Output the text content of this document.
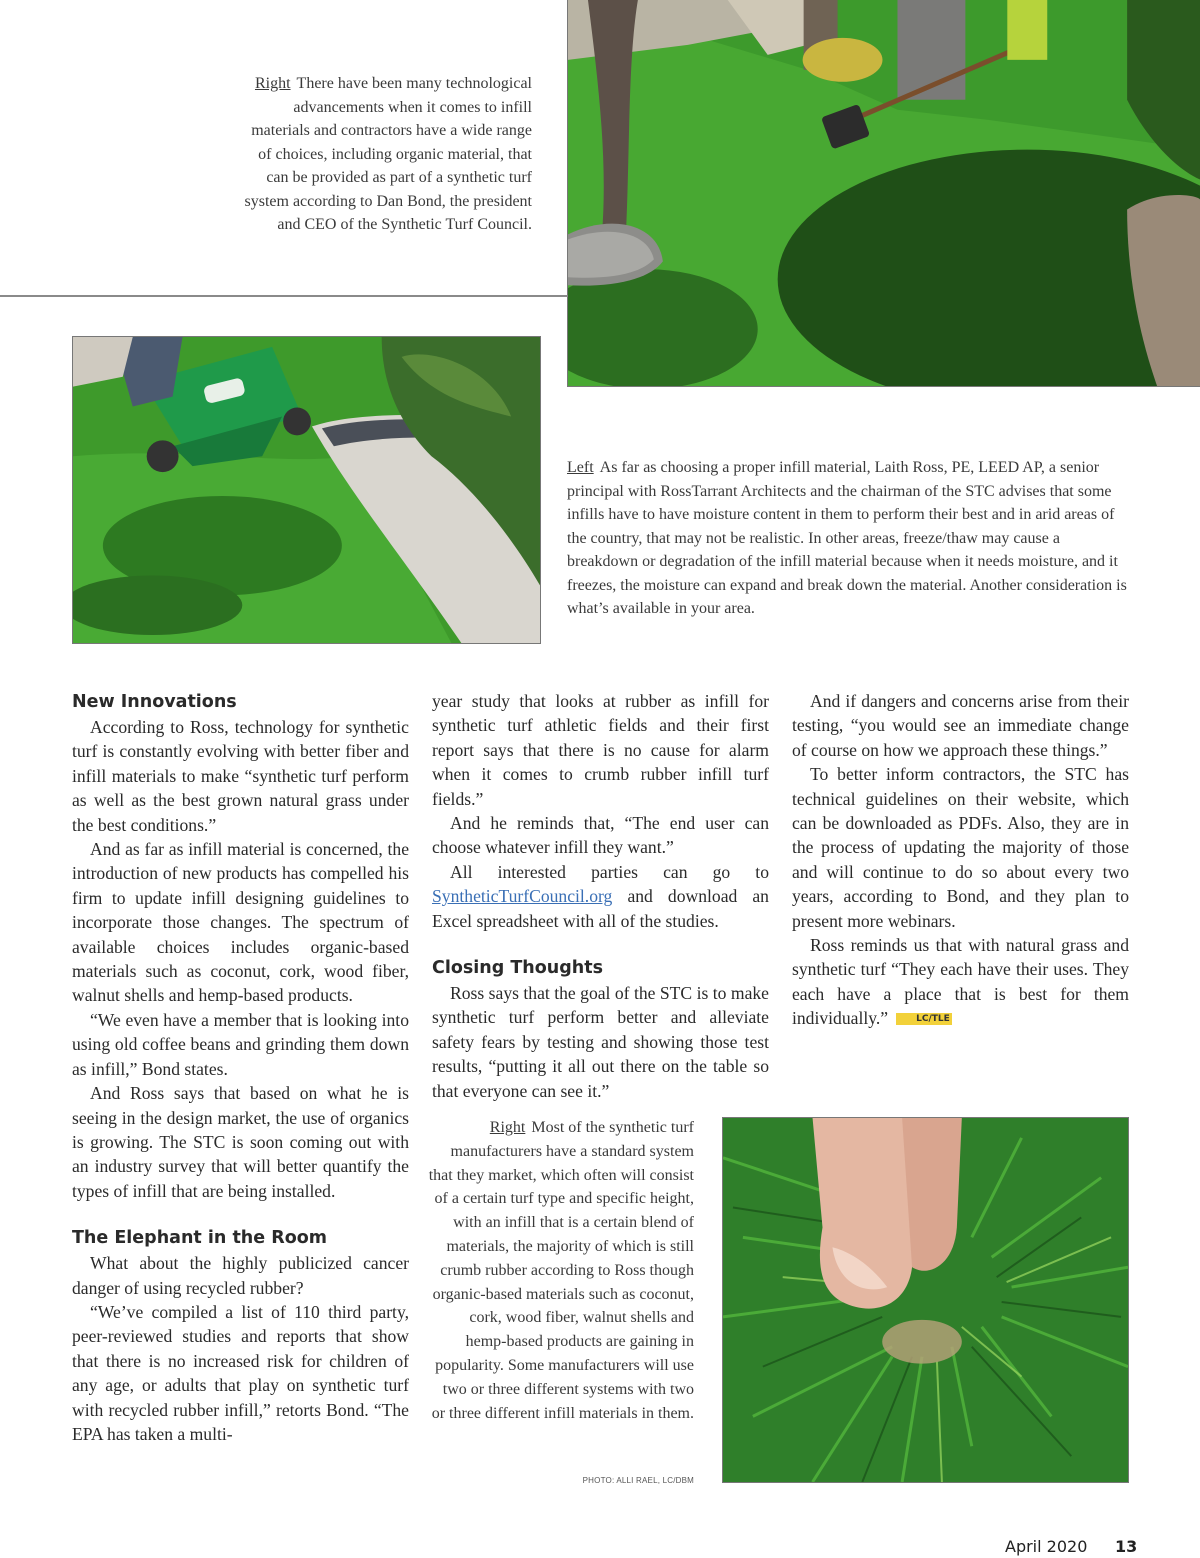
Right There have been many technological advancements when it comes to infill materials and contractors have a wide range of choices, including organic material, that can be provided as part of a synthetic turf system according to Dan Bond, the president and CEO of the Synthetic Turf Council.
Left As far as choosing a proper infill material, Laith Ross, PE, LEED AP, a senior principal with RossTarrant Architects and the chairman of the STC advises that some infills have to have moisture content in them to perform their best and in arid areas of the country, that may not be realistic. In other areas, freeze/thaw may cause a breakdown or degradation of the infill material because when it needs moisture, and it freezes, the moisture can expand and break down the material. Another consideration is what’s available in your area.
New Innovations

According to Ross, technology for synthetic turf is constantly evolving with better fiber and infill materials to make “synthetic turf perform as well as the best grown natural grass under the best conditions.”

And as far as infill material is concerned, the introduction of new products has compelled his firm to update infill designing guidelines to incorporate those changes. The spectrum of available choices includes organic-based materials such as coconut, cork, wood fiber, walnut shells and hemp-based products.

“We even have a member that is looking into using old coffee beans and grinding them down as infill,” Bond states.

And Ross says that based on what he is seeing in the design market, the use of organics is growing. The STC is soon coming out with an industry survey that will better quantify the types of infill that are being installed.

The Elephant in the Room

What about the highly publicized cancer danger of using recycled rubber?

“We’ve compiled a list of 110 third party, peer-reviewed studies and reports that show that there is no increased risk for children of any age, or adults that play on synthetic turf with recycled rubber infill,” retorts Bond. “The EPA has taken a multi-

year study that looks at rubber as infill for synthetic turf athletic fields and their first report says that there is no cause for alarm when it comes to crumb rubber infill turf fields.”

And he reminds that, “The end user can choose whatever infill they want.”

All interested parties can go to SyntheticTurfCouncil.org and download an Excel spreadsheet with all of the studies.

Closing Thoughts

Ross says that the goal of the STC is to make synthetic turf perform better and alleviate safety fears by testing and showing those test results, “putting it all out there on the table so that everyone can see it.”

And if dangers and concerns arise from their testing, “you would see an immediate change of course on how we approach these things.”

To better inform contractors, the STC has technical guidelines on their website, which can be downloaded as PDFs. Also, they are in the process of updating the majority of those and will continue to do so about every two years, according to Bond, and they plan to present more webinars.

Ross reminds us that with natural grass and synthetic turf “They each have their uses. They each have a place that is best for them individually.”	LC/TLE

Right Most of the synthetic turf manufacturers have a standard system that they market, which often will consist of a certain turf type and specific height, with an infill that is a certain blend of materials, the majority of which is still crumb rubber according to Ross though organic-based materials such as coconut, cork, wood fiber, walnut shells and hemp-based products are gaining in popularity. Some manufacturers will use two or three different systems with two or three different infill materials in them.
PHOTO: ALLI RAEL, LC/DBM
April 2020 13
